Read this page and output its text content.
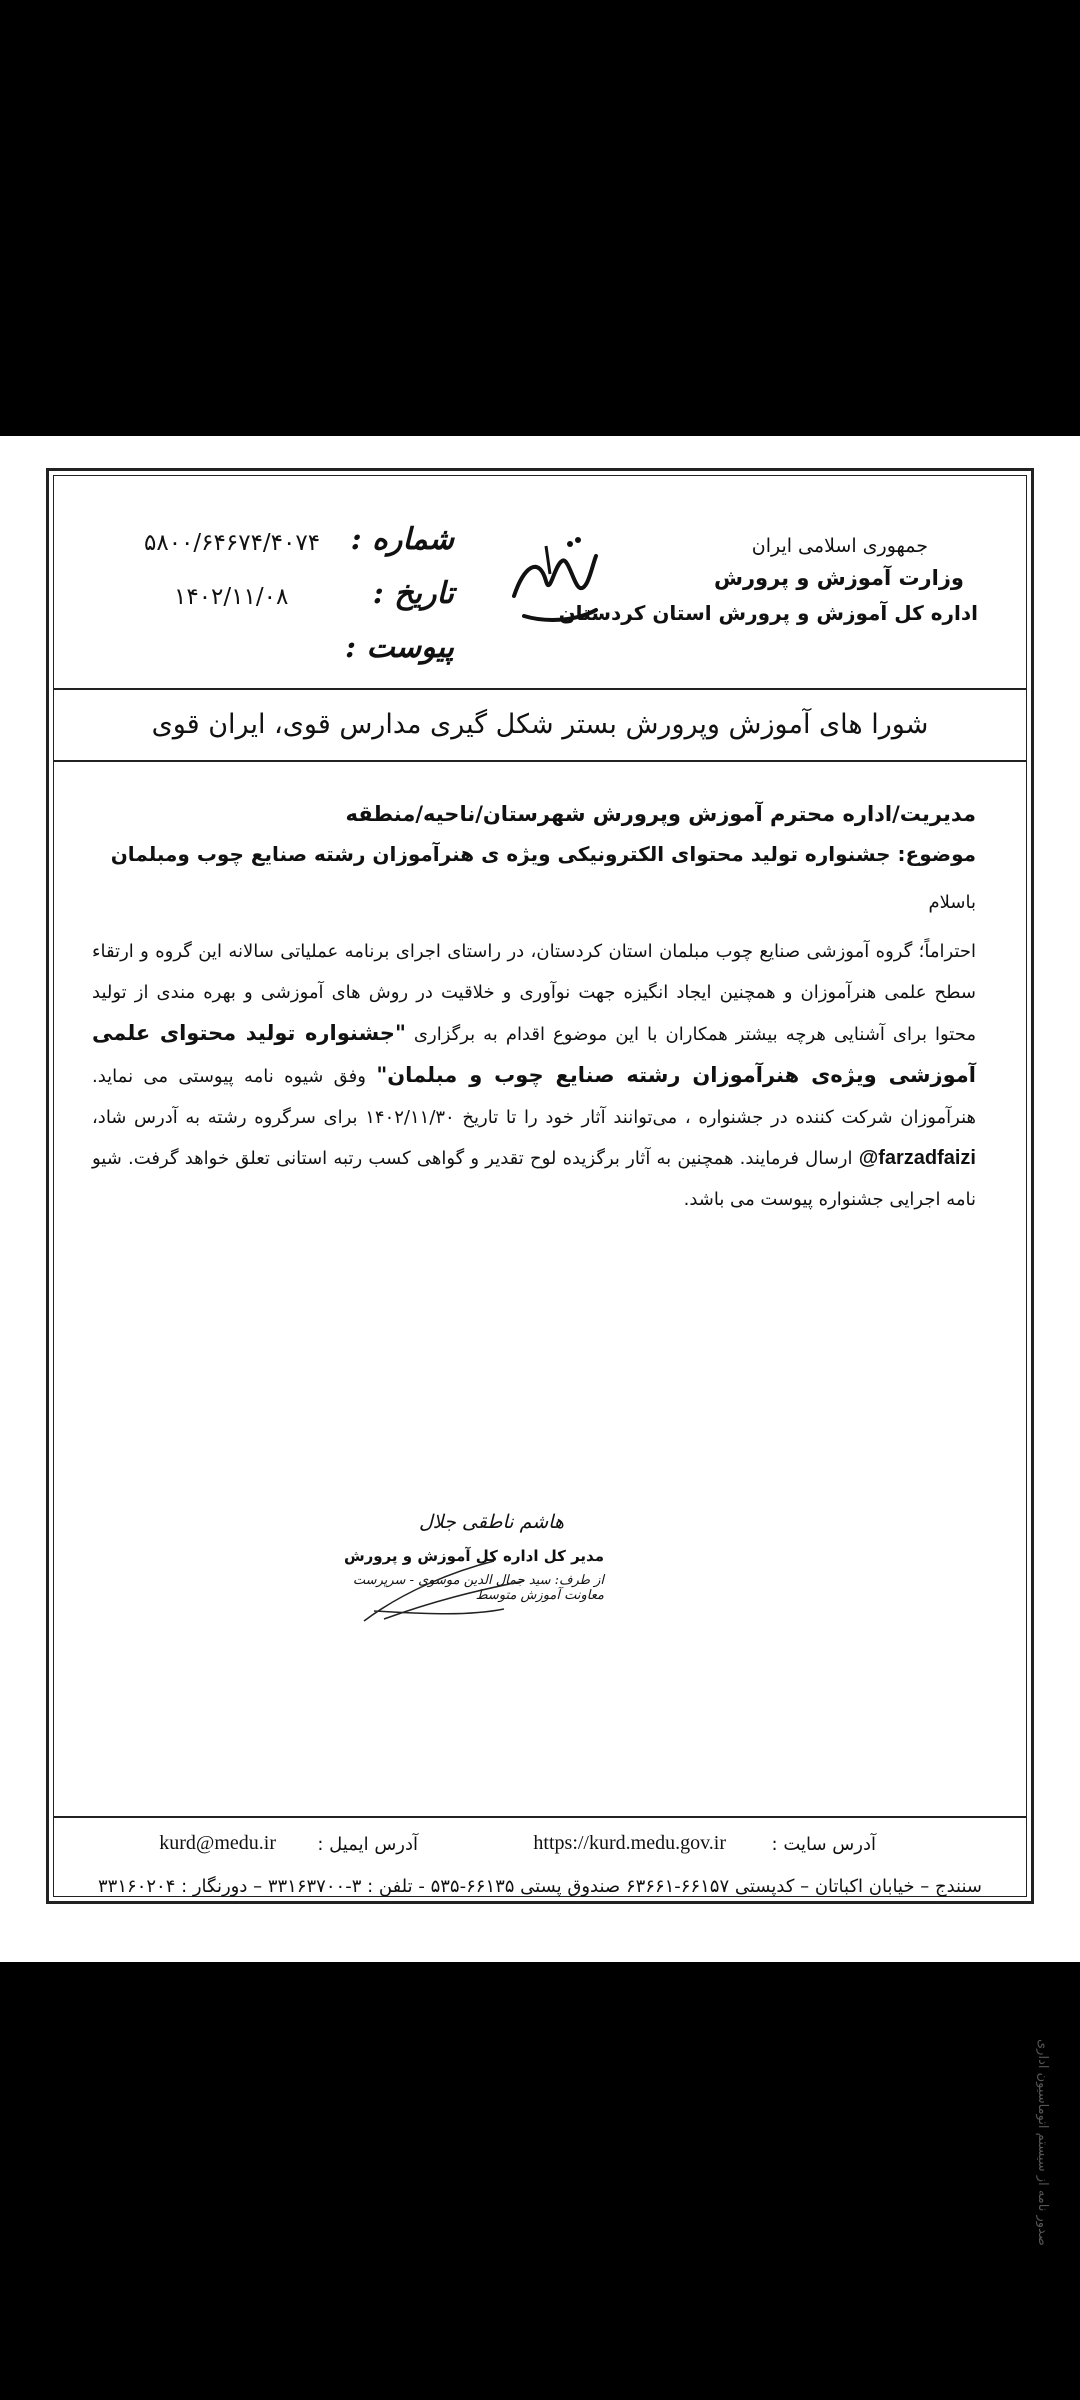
جمهوری اسلامی ایران
وزارت آموزش و پرورش
اداره کل آموزش و پرورش استان کردستان
شماره :
۵۸۰۰/۶۴۶۷۴/۴۰۷۴
تاریخ :
۱۴۰۲/۱۱/۰۸
پیوست :
شورا های آموزش وپرورش بستر شکل گیری مدارس قوی، ایران قوی
مدیریت/اداره محترم آموزش وپرورش شهرستان/ناحیه/منطقه
موضوع: جشنواره تولید محتوای الکترونیکی ویژه ی هنرآموزان رشته صنایع چوب ومبلمان
باسلام
احتراماً؛ گروه آموزشی صنایع چوب مبلمان استان کردستان، در راستای اجرای برنامه عملیاتی سالانه این گروه و ارتقاء سطح علمی هنرآموزان و همچنین ایجاد انگیزه جهت نوآوری و خلاقیت در روش های آموزشی و بهره مندی از تولید محتوا برای آشنایی هرچه بیشتر همکاران با این موضوع اقدام به برگزاری "جشنواره تولید محتوای علمی آموزشی ویژه‌ی هنرآموزان رشته صنایع چوب و مبلمان" وفق شیوه نامه پیوستی می نماید. هنرآموزان شرکت کننده در جشنواره ، می‌توانند آثار خود را تا تاریخ ۱۴۰۲/۱۱/۳۰ برای سرگروه رشته به آدرس شاد، @farzadfaizi ارسال فرمایند. همچنین به آثار برگزیده لوح تقدیر و گواهی کسب رتبه استانی تعلق خواهد گرفت. شیو نامه اجرایی جشنواره پیوست می باشد.
هاشم ناطقی جلال
مدیر کل اداره کل آموزش و پرورش
از طرف: سید جمال الدین موسوی - سرپرست معاونت آموزش متوسط
آدرس سایت :
https://kurd.medu.gov.ir
آدرس ایمیل :
kurd@medu.ir
سنندج – خیابان اکباتان – کدپستی ۶۶۱۵۷-۶۳۶۶۱ صندوق پستی ۶۶۱۳۵-۵۳۵ - تلفن : ۳-۳۳۱۶۳۷۰۰ – دورنگار : ۳۳۱۶۰۲۰۴
صدور نامه از سیستم اتوماسیون اداری
